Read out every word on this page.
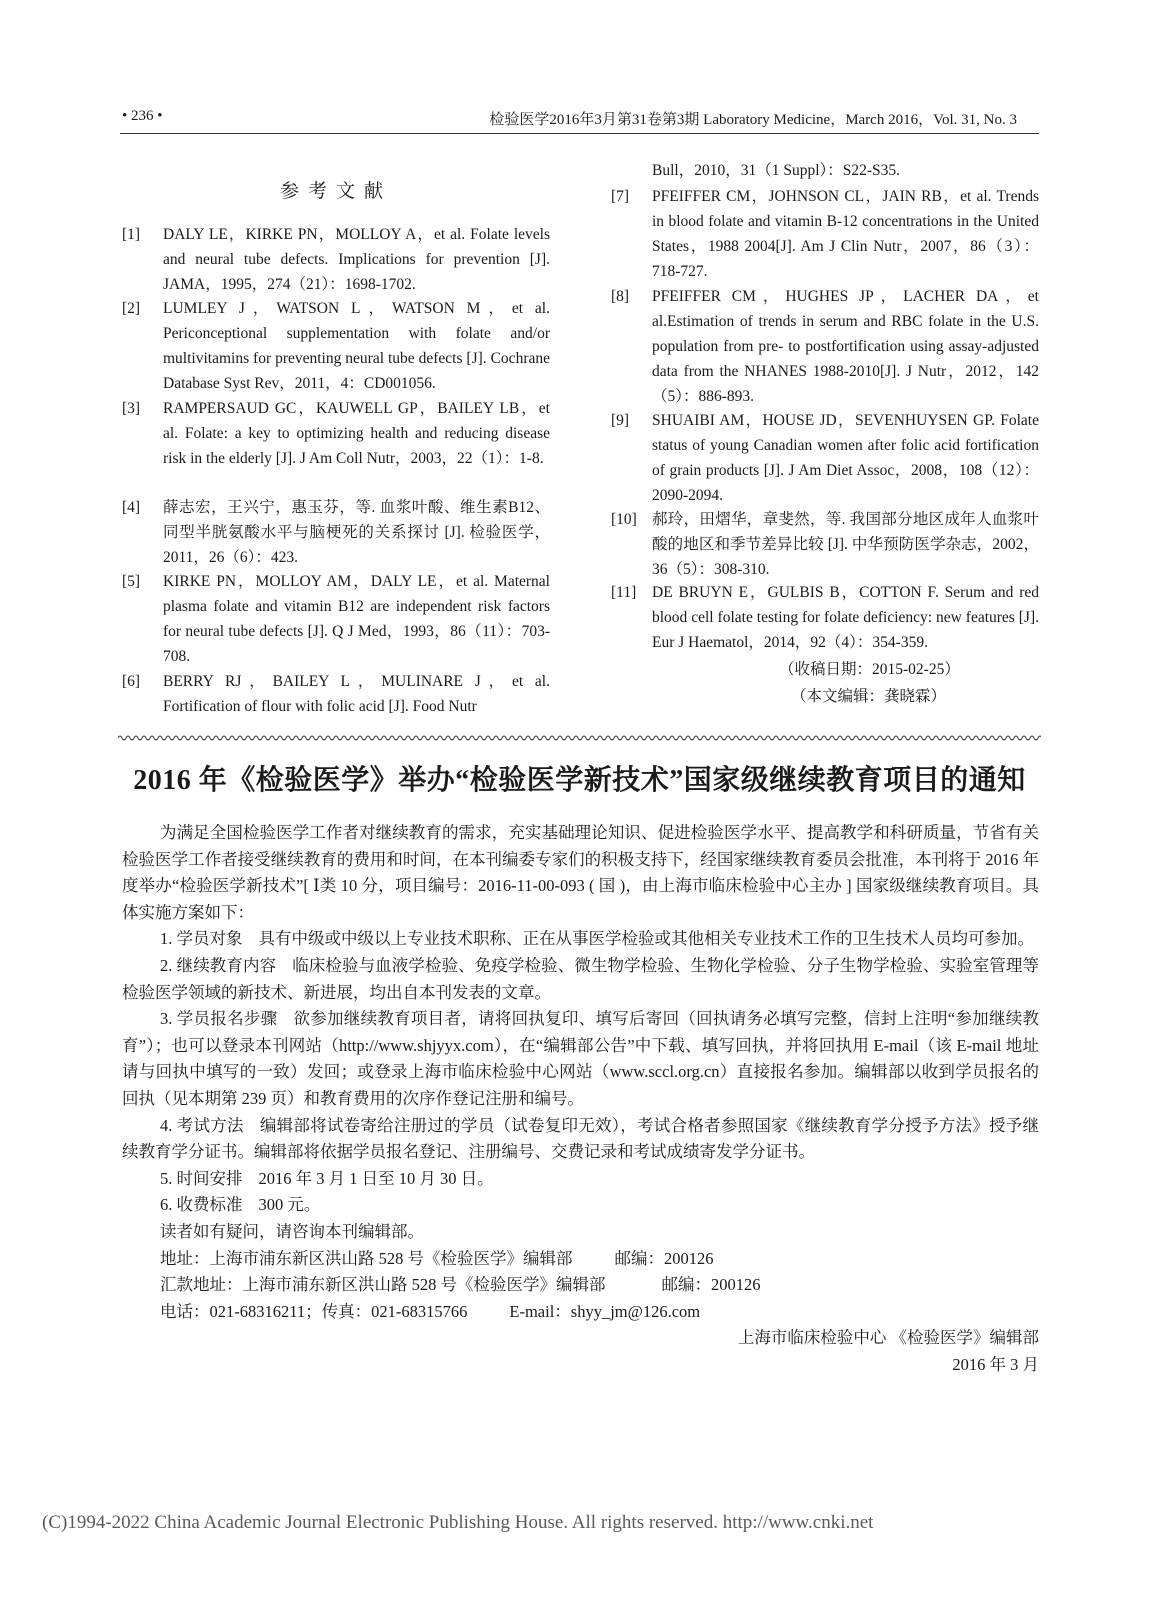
• 236 •	检验医学2016年3月第31卷第3期 Laboratory Medicine，March 2016，Vol. 31, No. 3
参考文献
[1] DALY LE，KIRKE PN，MOLLOY A，et al. Folate levels and neural tube defects. Implications for prevention [J]. JAMA，1995，274（21）：1698-1702.
[2] LUMLEY J，WATSON L，WATSON M，et al. Periconceptional supplementation with folate and/or multivitamins for preventing neural tube defects [J]. Cochrane Database Syst Rev，2011，4：CD001056.
[3] RAMPERSAUD GC，KAUWELL GP，BAILEY LB，et al. Folate: a key to optimizing health and reducing disease risk in the elderly [J]. J Am Coll Nutr，2003，22（1）：1-8.
[4] 薛志宏，王兴宁，惠玉芬，等. 血浆叶酸、维生素B12、同型半胱氨酸水平与脑梗死的关系探讨 [J]. 检验医学，2011，26（6）：423.
[5] KIRKE PN，MOLLOY AM，DALY LE，et al. Maternal plasma folate and vitamin B12 are independent risk factors for neural tube defects [J]. Q J Med，1993，86（11）：703-708.
[6] BERRY RJ，BAILEY L，MULINARE J，et al. Fortification of flour with folic acid [J]. Food Nutr
Bull，2010，31（1 Suppl）：S22-S35.
[7] PFEIFFER CM，JOHNSON CL，JAIN RB，et al. Trends in blood folate and vitamin B-12 concentrations in the United States，1988 2004[J]. Am J Clin Nutr，2007，86（3）：718-727.
[8] PFEIFFER CM，HUGHES JP，LACHER DA，et al.Estimation of trends in serum and RBC folate in the U.S. population from pre- to postfortification using assay-adjusted data from the NHANES 1988-2010[J]. J Nutr，2012，142（5）：886-893.
[9] SHUAIBI AM，HOUSE JD，SEVENHUYSEN GP. Folate status of young Canadian women after folic acid fortification of grain products [J]. J Am Diet Assoc，2008，108（12）：2090-2094.
[10] 郝玲，田熠华，章斐然，等. 我国部分地区成年人血浆叶酸的地区和季节差异比较 [J]. 中华预防医学杂志，2002，36（5）：308-310.
[11] DE BRUYN E，GULBIS B，COTTON F. Serum and red blood cell folate testing for folate deficiency: new features [J]. Eur J Haematol，2014，92（4）：354-359.
（收稿日期：2015-02-25）
（本文编辑：龚晓霖）
2016 年《检验医学》举办“检验医学新技术”国家级继续教育项目的通知

为满足全国检验医学工作者对继续教育的需求，充实基础理论知识、促进检验医学水平、提高教学和科研质量，节省有关检验医学工作者接受继续教育的费用和时间，在本刊编委专家们的积极支持下，经国家继续教育委员会批准，本刊将于 2016 年度举办“检验医学新技术”[ Ⅰ类 10 分，项目编号：2016-11-00-093 ( 国 )，由上海市临床检验中心主办 ] 国家级继续教育项目。具体实施方案如下：

1. 学员对象 具有中级或中级以上专业技术职称、正在从事医学检验或其他相关专业技术工作的卫生技术人员均可参加。

2. 继续教育内容 临床检验与血液学检验、免疫学检验、微生物学检验、生物化学检验、分子生物学检验、实验室管理等检验医学领域的新技术、新进展，均出自本刊发表的文章。

3. 学员报名步骤 欲参加继续教育项目者，请将回执复印、填写后寄回（回执请务必填写完整，信封上注明“参加继续教育”）；也可以登录本刊网站（http://www.shjyyx.com），在“编辑部公告”中下载、填写回执，并将回执用 E-mail（该 E-mail 地址请与回执中填写的一致）发回；或登录上海市临床检验中心网站（www.sccl.org.cn）直接报名参加。编辑部以收到学员报名的回执（见本期第 239 页）和教育费用的次序作登记注册和编号。

4. 考试方法 编辑部将试卷寄给注册过的学员（试卷复印无效），考试合格者参照国家《继续教育学分授予方法》授予继续教育学分证书。编辑部将依据学员报名登记、注册编号、交费记录和考试成绩寄发学分证书。

5. 时间安排 2016 年 3 月 1 日至 10 月 30 日。

6. 收费标准 300 元。

读者如有疑问，请咨询本刊编辑部。

地址：上海市浦东新区洪山路 528 号《检验医学》编辑部	邮编：200126

汇款地址：上海市浦东新区洪山路 528 号《检验医学》编辑部	邮编：200126

电话：021-68316211；传真：021-68315766	E-mail：shyy_jm@126.com

上海市临床检验中心 《检验医学》编辑部

2016 年 3 月

(C)1994-2022 China Academic Journal Electronic Publishing House. All rights reserved. http://www.cnki.net
